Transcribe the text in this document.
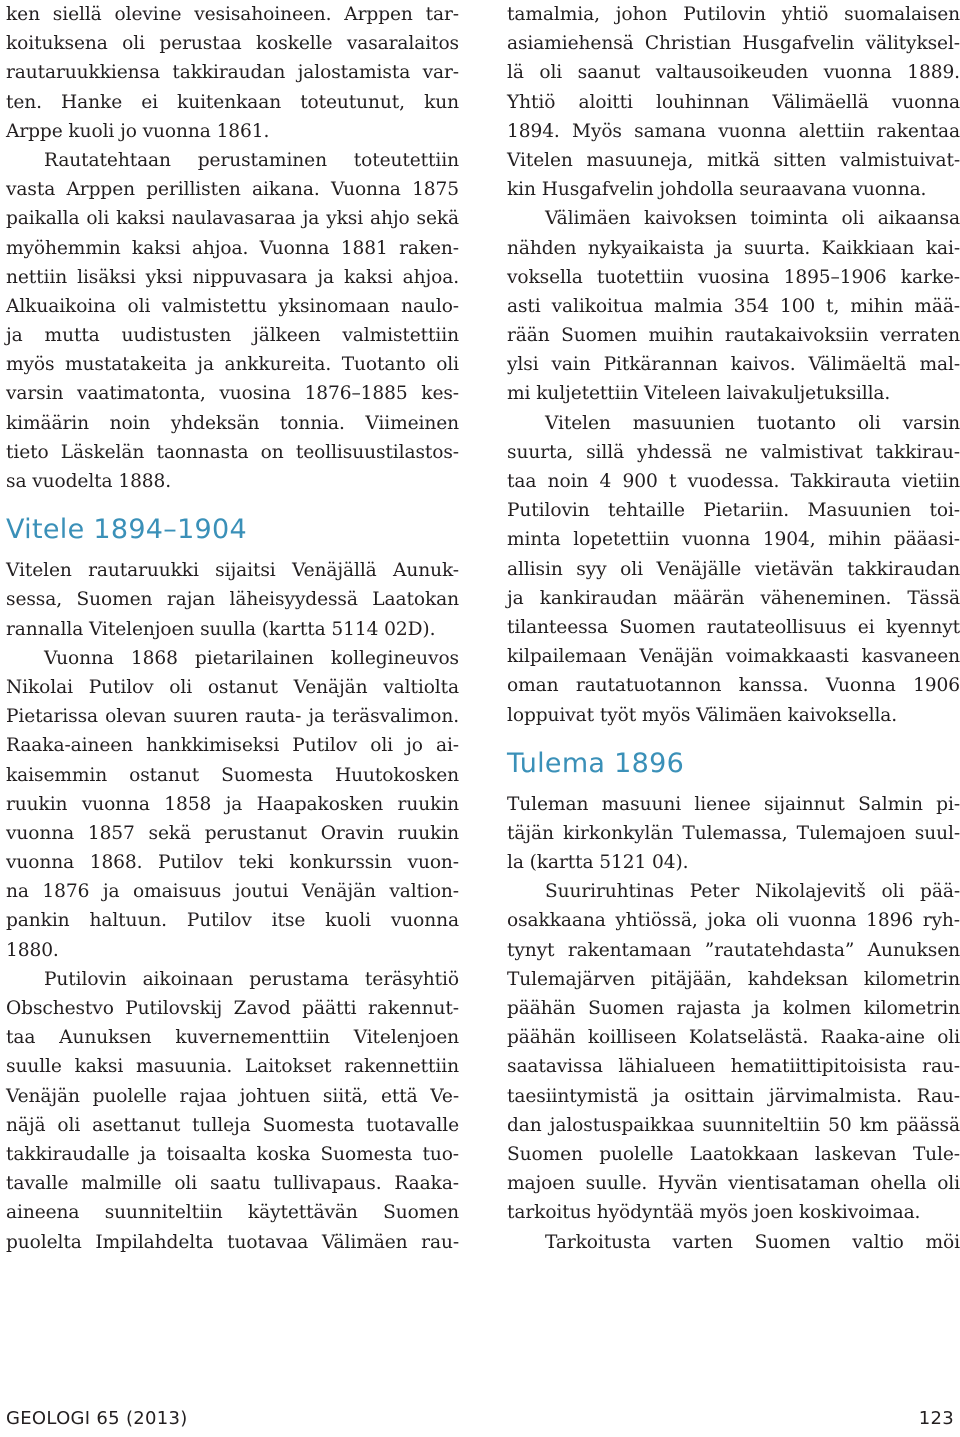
ken siellä olevine vesisahoineen. Arppen tar-
koituksena oli perustaa koskelle vasaralaitos
rautaruukkiensa takkiraudan jalostamista var-
ten. Hanke ei kuitenkaan toteutunut, kun
Arppe kuoli jo vuonna 1861.
Rautatehtaan perustaminen toteutettiin
vasta Arppen perillisten aikana. Vuonna 1875
paikalla oli kaksi naulavasaraa ja yksi ahjo sekä
myöhemmin kaksi ahjoa. Vuonna 1881 raken-
nettiin lisäksi yksi nippuvasara ja kaksi ahjoa.
Alkuaikoina oli valmistettu yksinomaan naulo-
ja mutta uudistusten jälkeen valmistettiin
myös mustatakeita ja ankkureita. Tuotanto oli
varsin vaatimatonta, vuosina 1876–1885 kes-
kimäärin noin yhdeksän tonnia. Viimeinen
tieto Läskelän taonnasta on teollisuustilastos-
sa vuodelta 1888.
Vitele 1894–1904
Vitelen rautaruukki sijaitsi Venäjällä Aunuk-
sessa, Suomen rajan läheisyydessä Laatokan
rannalla Vitelenjoen suulla (kartta 5114 02D).
Vuonna 1868 pietarilainen kollegineuvos
Nikolai Putilov oli ostanut Venäjän valtiolta
Pietarissa olevan suuren rauta- ja teräsvalimon.
Raaka-aineen hankkimiseksi Putilov oli jo ai-
kaisemmin ostanut Suomesta Huutokosken
ruukin vuonna 1858 ja Haapakosken ruukin
vuonna 1857 sekä perustanut Oravin ruukin
vuonna 1868. Putilov teki konkurssin vuon-
na 1876 ja omaisuus joutui Venäjän valtion-
pankin haltuun. Putilov itse kuoli vuonna
1880.
Putilovin aikoinaan perustama teräsyhtiö
Obschestvo Putilovskij Zavod päätti rakennut-
taa Aunuksen kuvernementtiin Vitelenjoen
suulle kaksi masuunia. Laitokset rakennettiin
Venäjän puolelle rajaa johtuen siitä, että Ve-
näjä oli asettanut tulleja Suomesta tuotavalle
takkiraudalle ja toisaalta koska Suomesta tuo-
tavalle malmille oli saatu tullivapaus. Raaka-
aineena suunniteltiin käytettävän Suomen
puolelta Impilahdelta tuotavaa Välimäen rau-
tamalmia, johon Putilovin yhtiö suomalaisen
asiamiehensä Christian Husgafvelin välityksel-
lä oli saanut valtausoikeuden vuonna 1889.
Yhtiö aloitti louhinnan Välimäellä vuonna
1894. Myös samana vuonna alettiin rakentaa
Vitelen masuuneja, mitkä sitten valmistuivat-
kin Husgafvelin johdolla seuraavana vuonna.
Välimäen kaivoksen toiminta oli aikaansa
nähden nykyaikaista ja suurta. Kaikkiaan kai-
voksella tuotettiin vuosina 1895–1906 karke-
asti valikoitua malmia 354 100 t, mihin mää-
rään Suomen muihin rautakaivoksiin verraten
ylsi vain Pitkärannan kaivos. Välimäeltä mal-
mi kuljetettiin Viteleen laivakuljetuksilla.
Vitelen masuunien tuotanto oli varsin
suurta, sillä yhdessä ne valmistivat takkirau-
taa noin 4 900 t vuodessa. Takkirauta vietiin
Putilovin tehtaille Pietariin. Masuunien toi-
minta lopetettiin vuonna 1904, mihin pääasi-
allisin syy oli Venäjälle vietävän takkiraudan
ja kankiraudan määrän väheneminen. Tässä
tilanteessa Suomen rautateollisuus ei kyennyt
kilpailemaan Venäjän voimakkaasti kasvaneen
oman rautatuotannon kanssa. Vuonna 1906
loppuivat työt myös Välimäen kaivoksella.
Tulema 1896
Tuleman masuuni lienee sijainnut Salmin pi-
täjän kirkonkylän Tulemassa, Tulemajoen suul-
la (kartta 5121 04).
Suuriruhtinas Peter Nikolajevitš oli pää-
osakkaana yhtiössä, joka oli vuonna 1896 ryh-
tynyt rakentamaan ”rautatehdasta” Aunuksen
Tulemajärven pitäjään, kahdeksan kilometrin
päähän Suomen rajasta ja kolmen kilometrin
päähän koilliseen Kolatselästä. Raaka-aine oli
saatavissa lähialueen hematiittipitoisista rau-
taesiintymistä ja osittain järvimalmista. Rau-
dan jalostuspaikkaa suunniteltiin 50 km päässä
Suomen puolelle Laatokkaan laskevan Tule-
majoen suulle. Hyvän vientisataman ohella oli
tarkoitus hyödyntää myös joen koskivoimaa.
Tarkoitusta varten Suomen valtio möi
GEOLOGI 65 (2013)	123
